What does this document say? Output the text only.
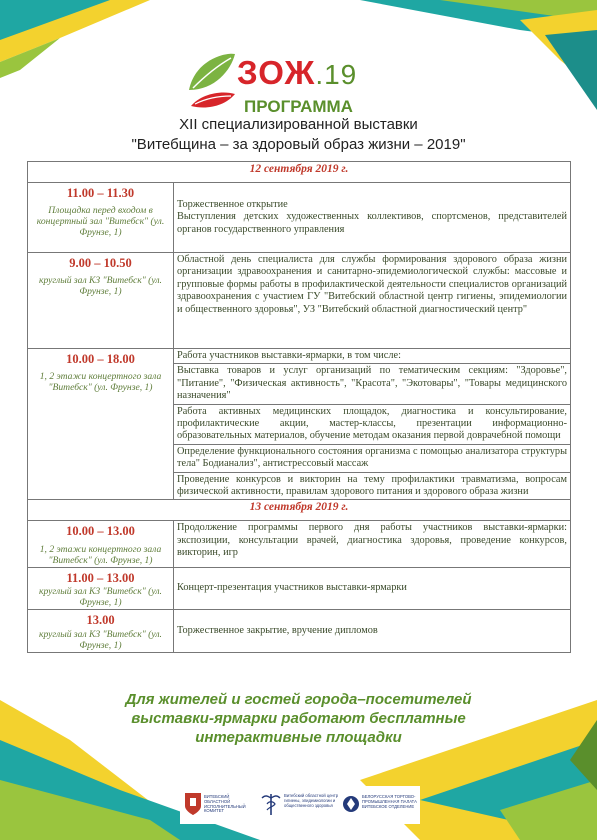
ЗОЖ.19
ПРОГРАММА
XII специализированной выставки
"Витебщина – за здоровый образ жизни – 2019"
12 сентября 2019 г.	

11.00 – 11.30
Площадка перед входом в концертный зал "Витебск" (ул. Фрунзе, 1)	Торжественное открытие
Выступления детских художественных коллективов, спортсменов, представителей органов государственного управления

9.00 – 10.50
круглый зал КЗ "Витебск" (ул. Фрунзе, 1)	Областной день специалиста для службы формирования здорового образа жизни организации здравоохранения и санитарно-эпидемиологической службы: массовые и групповые формы работы в профилактической деятельности специалистов организаций здравоохранения с участием ГУ "Витебский областной центр гигиены, эпидемиологии и общественного здоровья", УЗ "Витебский областной диагностический центр"

10.00 – 18.00
1, 2 этажи концертного зала "Витебск" (ул. Фрунзе, 1)	Работа участников выставки-ярмарки, в том числе:
	Выставка товаров и услуг организаций по тематическим секциям: "Здоровье", "Питание", "Физическая активность", "Красота", "Экотовары", "Товары медицинского назначения"
	Работа активных медицинских площадок, диагностика и консультирование, профилактические акции, мастер-классы, презентации информационно-образовательных материалов, обучение методам оказания первой доврачебной помощи
	Определение функционального состояния организма с помощью анализатора структуры тела" Бодианализ", антистрессовый массаж
	Проведение конкурсов и викторин на тему профилактики травматизма, вопросам физической активности, правилам здорового питания и здорового образа жизни
13 сентября 2019 г.	

10.00 – 13.00
1, 2 этажи концертного зала "Витебск" (ул. Фрунзе, 1)	Продолжение программы первого дня работы участников выставки-ярмарки: экспозиции, консультации врачей, диагностика здоровья, проведение конкурсов, викторин, игр

11.00 – 13.00
круглый зал КЗ "Витебск" (ул. Фрунзе, 1)	Концерт-презентация участников выставки-ярмарки

13.00
круглый зал КЗ "Витебск" (ул. Фрунзе, 1)	Торжественное закрытие, вручение дипломов
Для жителей и гостей города–посетителей
выставки-ярмарки работают бесплатные
интерактивные площадки
ВИТЕБСКИЙ ОБЛАСТНОЙ ИСПОЛНИТЕЛЬНЫЙ КОМИТЕТ
Витебский областной центр гигиены, эпидемиологии и общественного здоровья
БЕЛОРУССКАЯ ТОРГОВО-ПРОМЫШЛЕННАЯ ПАЛАТА ВИТЕБСКОЕ ОТДЕЛЕНИЕ
